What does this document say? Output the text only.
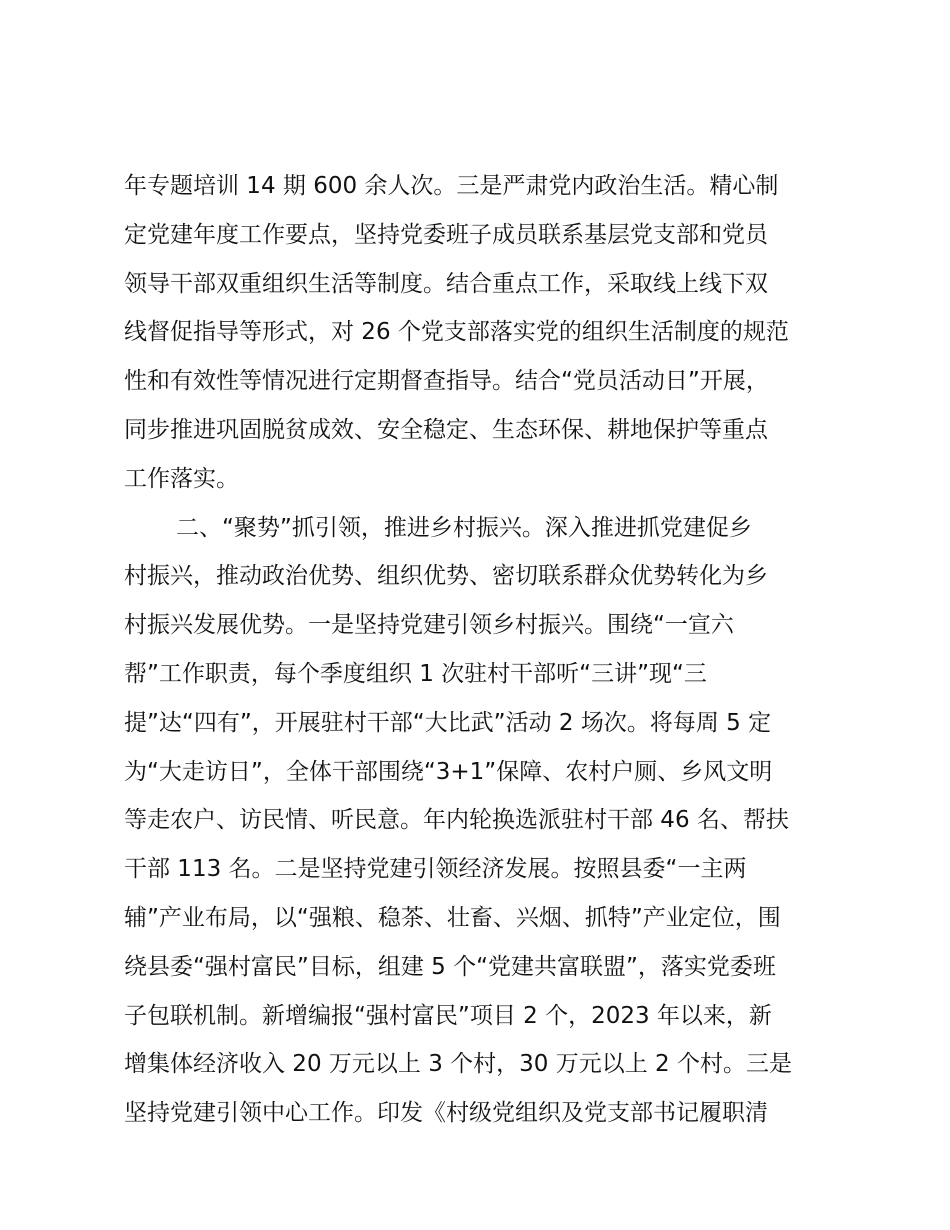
年专题培训 14 期 600 余人次。三是严肃党内政治生活。精心制
定党建年度工作要点，坚持党委班子成员联系基层党支部和党员
领导干部双重组织生活等制度。结合重点工作，采取线上线下双
线督促指导等形式，对 26 个党支部落实党的组织生活制度的规范
性和有效性等情况进行定期督查指导。结合“党员活动日”开展，
同步推进巩固脱贫成效、安全稳定、生态环保、耕地保护等重点
工作落实。
二、“聚势”抓引领，推进乡村振兴。深入推进抓党建促乡
村振兴，推动政治优势、组织优势、密切联系群众优势转化为乡
村振兴发展优势。一是坚持党建引领乡村振兴。围绕“一宣六
帮”工作职责，每个季度组织 1 次驻村干部听“三讲”现“三
提”达“四有”，开展驻村干部“大比武”活动 2 场次。将每周 5 定
为“大走访日”，全体干部围绕“3+1”保障、农村户厕、乡风文明
等走农户、访民情、听民意。年内轮换选派驻村干部 46 名、帮扶
干部 113 名。二是坚持党建引领经济发展。按照县委“一主两
辅”产业布局，以“强粮、稳茶、壮畜、兴烟、抓特”产业定位，围
绕县委“强村富民”目标，组建 5 个“党建共富联盟”，落实党委班
子包联机制。新增编报“强村富民”项目 2 个，2023 年以来，新
增集体经济收入 20 万元以上 3 个村，30 万元以上 2 个村。三是
坚持党建引领中心工作。印发《村级党组织及党支部书记履职清
